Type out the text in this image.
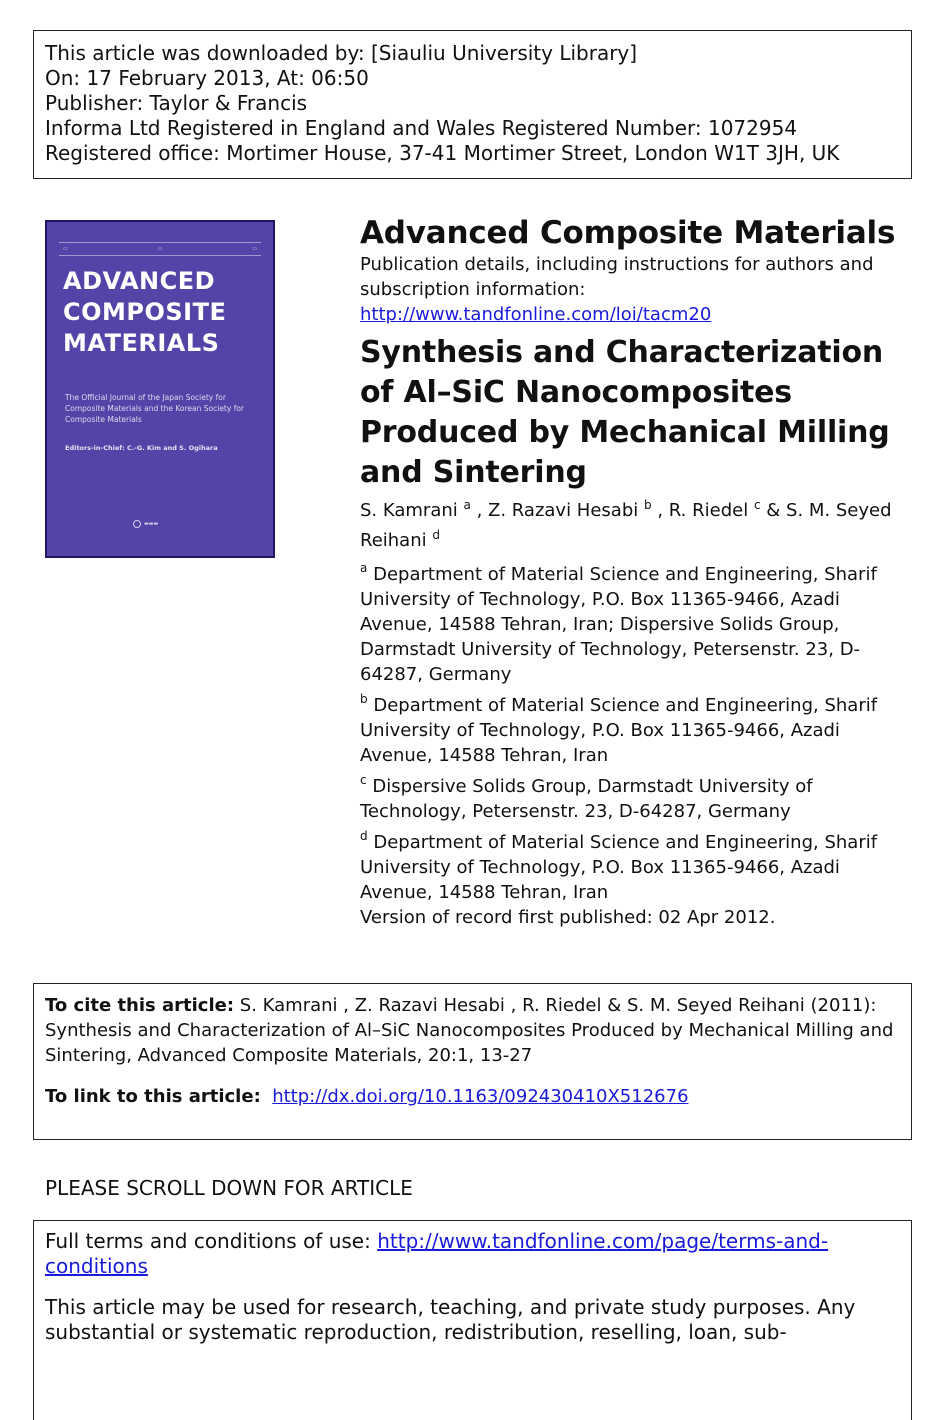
This article was downloaded by: [Siauliu University Library]
On: 17 February 2013, At: 06:50
Publisher: Taylor & Francis
Informa Ltd Registered in England and Wales Registered Number: 1072954
Registered office: Mortimer House, 37-41 Mortimer Street, London W1T 3JH, UK
▭	▭	▭
ADVANCED
COMPOSITE
MATERIALS
The Official Journal of the Japan Society for Composite Materials and the Korean Society for Composite Materials
Editors-in-Chief: C.-G. Kim and S. Ogihara
▬▬▬
Advanced Composite Materials
Publication details, including instructions for authors and subscription information:
http://www.tandfonline.com/loi/tacm20
Synthesis and Characterization of Al–SiC Nanocomposites Produced by Mechanical Milling and Sintering
S. Kamrani $^a$ , Z. Razavi Hesabi $^b$ , R. Riedel $^c$ & S. M. Seyed Reihani $^d$
$^a$ Department of Material Science and Engineering, Sharif University of Technology, P.O. Box 11365-9466, Azadi Avenue, 14588 Tehran, Iran; Dispersive Solids Group, Darmstadt University of Technology, Petersenstr. 23, D-64287, Germany
$^b$ Department of Material Science and Engineering, Sharif University of Technology, P.O. Box 11365-9466, Azadi Avenue, 14588 Tehran, Iran
$^c$ Dispersive Solids Group, Darmstadt University of Technology, Petersenstr. 23, D-64287, Germany
$^d$ Department of Material Science and Engineering, Sharif University of Technology, P.O. Box 11365-9466, Azadi Avenue, 14588 Tehran, Iran
Version of record first published: 02 Apr 2012.
To cite this article: S. Kamrani , Z. Razavi Hesabi , R. Riedel & S. M. Seyed Reihani (2011): Synthesis and Characterization of Al–SiC Nanocomposites Produced by Mechanical Milling and Sintering, Advanced Composite Materials, 20:1, 13-27
To link to this article: http://dx.doi.org/10.1163/092430410X512676
PLEASE SCROLL DOWN FOR ARTICLE
Full terms and conditions of use: http://www.tandfonline.com/page/terms-and-conditions
This article may be used for research, teaching, and private study purposes. Any substantial or systematic reproduction, redistribution, reselling, loan, sub-
